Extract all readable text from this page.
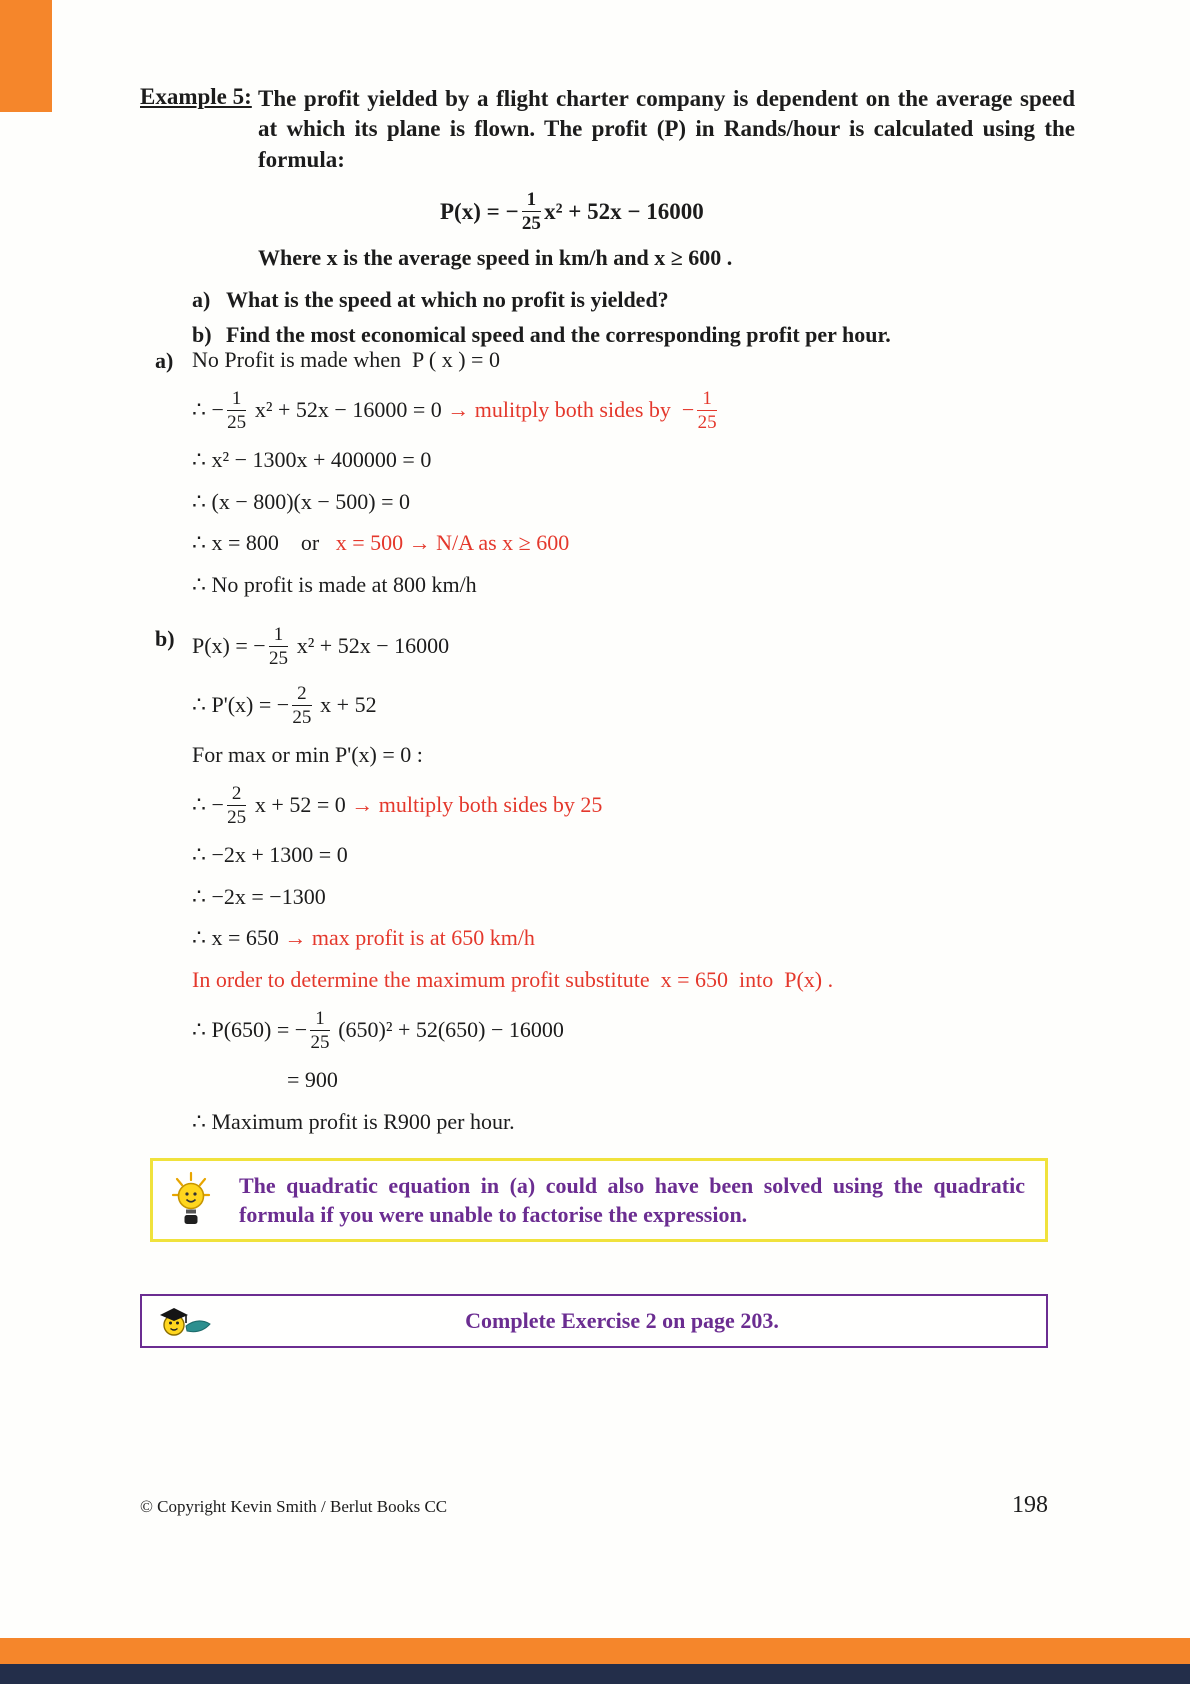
Example 5: The profit yielded by a flight charter company is dependent on the average speed at which its plane is flown. The profit (P) in Rands/hour is calculated using the formula:
P(x) = − $\frac{1}{25} x^2 + 52x - 16000$
Where x is the average speed in km/h and x ≥ 600 .
a) What is the speed at which no profit is yielded?
b) Find the most economical speed and the corresponding profit per hour.
a) No Profit is made when  P ( x ) = 0
∴ − $\frac{1}{25} x^2 + 52x - 16000 = 0$ → mulitply both sides by − $\frac{1}{25}$
∴ x² − 1300x + 400000 = 0
∴ (x − 800)(x − 500) = 0
∴ x = 800    or x = 500 → N/A as x ≥ 600
∴ No profit is made at 800 km/h
b) P(x) = − $\frac{1}{25} x^2 + 52x - 16000$
∴ P'(x) = − $\frac{2}{25}$ x + 52
For max or min P'(x) = 0 :
∴ − $\frac{2}{25}$ x + 52 = 0 → multiply both sides by 25
∴ −2x + 1300 = 0
∴ −2x = −1300
∴ x = 650 → max profit is at 650 km/h
In order to determine the maximum profit substitute  x = 650  into  P(x) .
∴ P(650) = − $\frac{1}{25} (650)^2 + 52(650) - 16000$
= 900
∴ Maximum profit is R900 per hour.
The quadratic equation in (a) could also have been solved using the quadratic formula if you were unable to factorise the expression.
Complete Exercise 2 on page 203.
© Copyright Kevin Smith / Berlut Books CC	198
